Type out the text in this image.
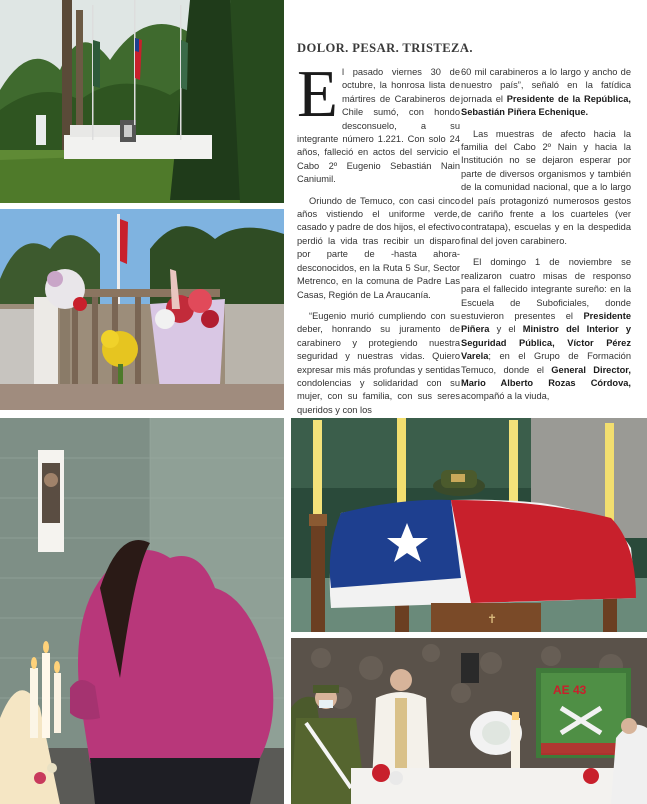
DOLOR. PESAR. TRISTEZA.

El pasado viernes 30 de octubre, la honrosa lista de mártires de Carabineros de Chile sumó, con hondo desconsuelo, a su integrante número 1.221. Con solo 24 años, falleció en actos del servicio el Cabo 2º Eugenio Sebastián Nain Caniumil.

Oriundo de Temuco, con casi cinco años vistiendo el uniforme verde, casado y padre de dos hijos, el efectivo perdió la vida tras recibir un disparo por parte de -hasta ahora- desconocidos, en la Ruta 5 Sur, Sector Metrenco, en la comuna de Padre Las Casas, Región de La Araucanía.

“Eugenio murió cumpliendo con su deber, honrando su juramento de carabinero y protegiendo nuestra seguridad y nuestras vidas. Quiero expresar mis más profundas y sentidas condolencias y solidaridad con su mujer, con su familia, con sus seres queridos y con los

60 mil carabineros a lo largo y ancho de nuestro país”, señaló en la fatídica jornada el Presidente de la República, Sebastián Piñera Echenique.

Las muestras de afecto hacia la familia del Cabo 2º Nain y hacia la Institución no se dejaron esperar por parte de diversos organismos y también de la comunidad nacional, que a lo largo del país protagonizó numerosos gestos de cariño frente a los cuarteles (ver contratapa), escuelas y en la despedida final del joven carabinero.

El domingo 1 de noviembre se realizaron cuatro misas de responso para el fallecido integrante sureño: en la Escuela de Suboficiales, donde estuvieron presentes el Presidente Piñera y el Ministro del Interior y Seguridad Pública, Víctor Pérez Varela; en el Grupo de Formación Temuco, donde el General Director, Mario Alberto Rozas Córdova, acompañó a la viuda,

✝
AE 43
